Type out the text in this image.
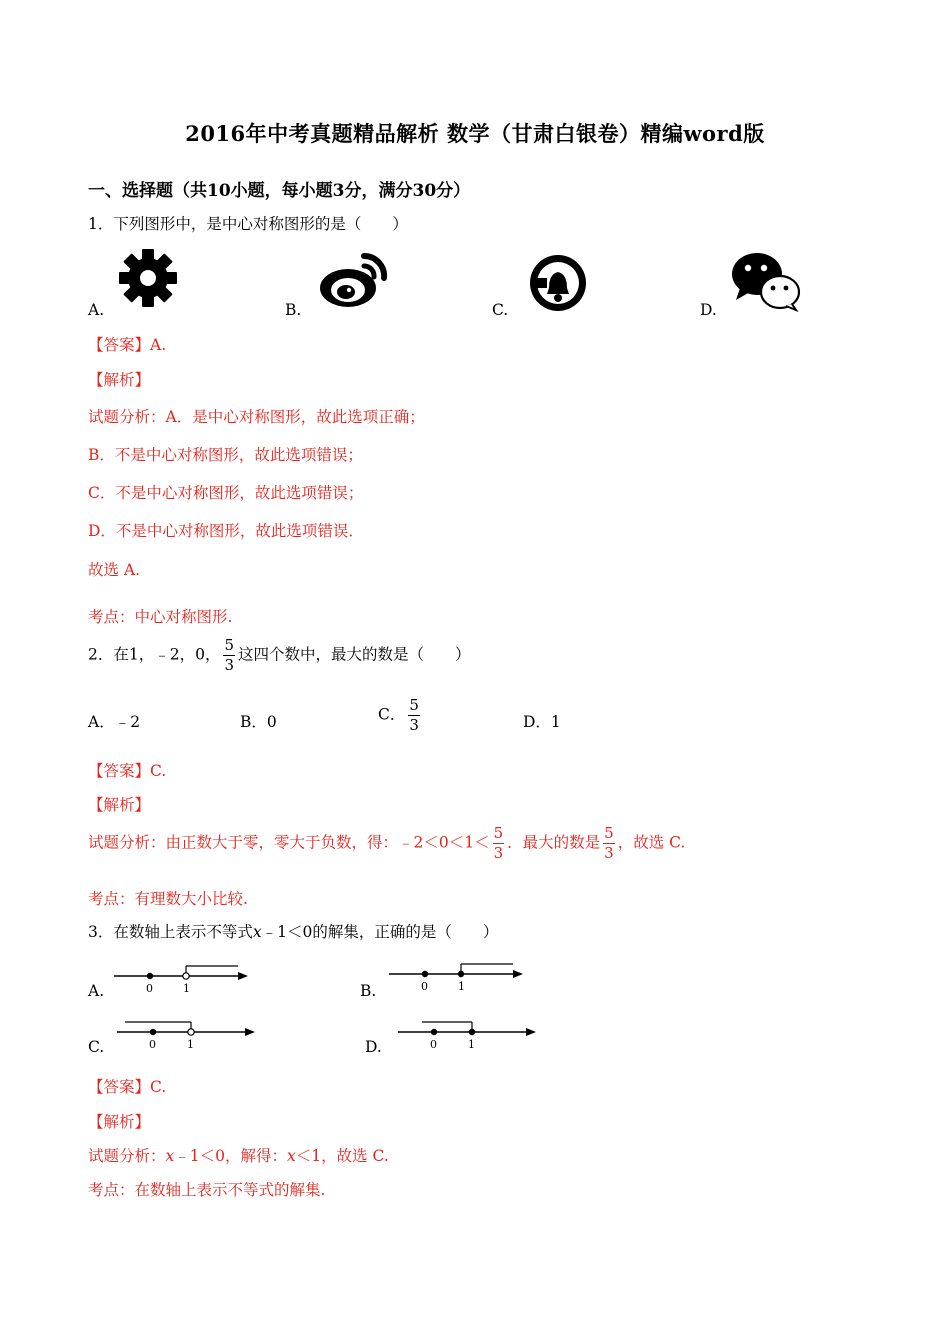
2016年中考真题精品解析 数学（甘肃白银卷）精编word版
一、选择题（共10小题，每小题3分，满分30分）
1．下列图形中，是中心对称图形的是（　　）
A.	B.	C.	D.
【答案】A.
【解析】
试题分析：A．是中心对称图形，故此选项正确；
B．不是中心对称图形，故此选项错误；
C．不是中心对称图形，故此选项错误；
D．不是中心对称图形，故此选项错误．
故选 A.
考点：中心对称图形.
2．在1，﹣2，0， $\frac{5}{3}$ 这四个数中，最大的数是（　　）
A．﹣2	B．0	C． $\frac{5}{3}$	D．1
【答案】C.
【解析】
试题分析：由正数大于零，零大于负数，得：﹣2＜0＜1＜ $\frac{5}{3}$ ．最大的数是 $\frac{5}{3}$ ，故选 C.
考点：有理数大小比较.
3．在数轴上表示不等式x﹣1＜0的解集，正确的是（　　）
A.	0	1	B.	0	1
C.	0	1	D.	0	1
【答案】C.
【解析】
试题分析：x﹣1＜0，解得：x＜1，故选 C.
考点：在数轴上表示不等式的解集.
